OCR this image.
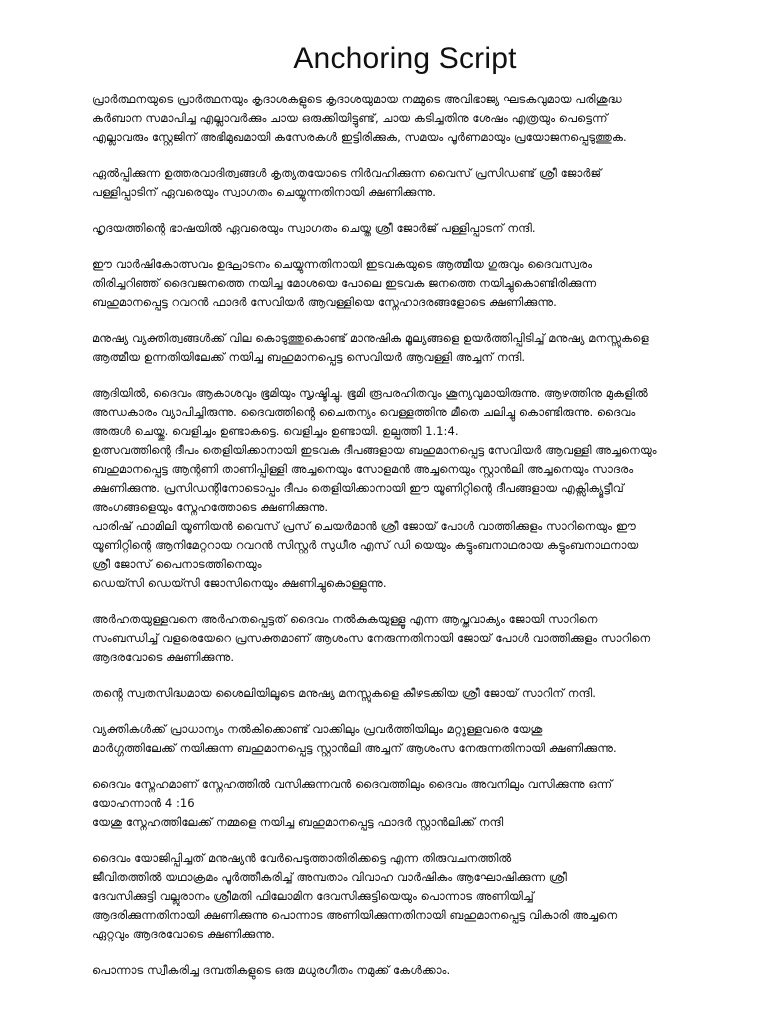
Anchoring Script
പ്രാർത്ഥനയുടെ പ്രാർത്ഥനയും കൃദാശകളുടെ കൃദാശയുമായ നമ്മുടെ അവിഭാജ്യ ഘടകവുമായ പരിശുദ്ധ
കർബാന സമാപിച്ച എല്ലാവർക്കും ചായ ഒരുക്കിയിട്ടുണ്ട്, ചായ കടിച്ചതിനു ശേഷം എത്രയും പെട്ടെന്ന്
എല്ലാവരും സ്റ്റേജിന് അഭിമുഖമായി കസേരകൾ ഇട്ടിരിക്കുക, സമയം പൂർണമായും പ്രയോജനപ്പെടുത്തുക.
ഏൽപ്പിക്കുന്ന ഉത്തരവാദിത്വങ്ങൾ കൃത്യതയോടെ നിർവഹിക്കുന്ന വൈസ് പ്രസിഡണ്ട് ശ്രീ ജോർജ്
പള്ളിപ്പാടിന് ഏവരെയും സ്വാഗതം ചെയ്യുന്നതിനായി ക്ഷണിക്കുന്നു.
ഹൃദയത്തിന്റെ ഭാഷയിൽ ഏവരെയും സ്വാഗതം ചെയ്ത ശ്രീ ജോർജ് പള്ളിപ്പാടന് നന്ദി.
ഈ വാർഷികോത്സവം ഉദ്ഘാടനം ചെയ്യുന്നതിനായി ഇടവകയുടെ ആത്മീയ ഗുരുവും ദൈവസ്വരം
തിരിച്ചറിഞ്ഞ് ദൈവജനത്തെ നയിച്ച മോശയെ പോലെ ഇടവക ജനത്തെ നയിച്ചുകൊണ്ടിരിക്കുന്ന
ബഹുമാനപ്പെട്ട റവറൻ ഫാദർ സേവിയർ ആവള്ളിയെ സ്നേഹാദരങ്ങളോടെ ക്ഷണിക്കുന്നു.
മനുഷ്യ വ്യക്തിത്വങ്ങൾക്ക് വില കൊടുത്തുകൊണ്ട് മാനുഷിക മൂല്യങ്ങളെ ഉയർത്തിപ്പിടിച്ച് മനുഷ്യ മനസ്സുകളെ
ആത്മീയ ഉന്നതിയിലേക്ക് നയിച്ച ബഹുമാനപ്പെട്ട സെവിയർ ആവള്ളി അച്ചന് നന്ദി.
ആദിയിൽ, ദൈവം ആകാശവും ഭൂമിയും സൃഷ്ടിച്ചു. ഭൂമി രൂപരഹിതവും ശൂന്യവുമായിരുന്നു. ആഴത്തിനു മുകളിൽ
അന്ധകാരം വ്യാപിച്ചിരുന്നു. ദൈവത്തിൻ്റെ ചൈതന്യം വെള്ളത്തിനു മീതെ ചലിച്ചു കൊണ്ടിരുന്നു. ദൈവം
അരുൾ ചെയ്തു. വെളിച്ചം ഉണ്ടാകട്ടെ. വെളിച്ചം ഉണ്ടായി. ഉല്പത്തി 1.1:4.
ഉത്സവത്തിന്റെ ദീപം തെളിയിക്കാനായി ഇടവക ദീപങ്ങളായ ബഹുമാനപ്പെട്ട സേവിയർ ആവള്ളി അച്ചനെയും
ബഹുമാനപ്പെട്ട ആന്റണി താണിപ്പിള്ളി അച്ചനെയും സോളമൻ അച്ചനെയും സ്റ്റാൻലി അച്ചനെയും സാദരം
ക്ഷണിക്കുന്നു. പ്രസിഡന്റിനോടൊപ്പം ദീപം തെളിയിക്കാനായി ഈ യൂണിറ്റിന്റെ ദീപങ്ങളായ എക്സിക്യൂട്ടീവ്
അംഗങ്ങളെയും സ്നേഹത്തോടെ ക്ഷണിക്കുന്നു.
പാരിഷ് ഫാമിലി യൂണിയൻ വൈസ് പ്രസ് ചെയർമാൻ ശ്രീ ജോയ് പോൾ വാത്തിക്കുളം സാറിനെയും ഈ
യൂണിറ്റിന്റെ ആനിമേറ്ററായ റവറൻ സിസ്റ്റർ സുധീര എസ് ഡി യെയും കട്ടുംബനാഥരായ കട്ടുംബനാഥനായ
ശ്രീ ജോസ് പൈനാടത്തിനെയും
ഡെയ്സി ഡെയ്സി ജോസിനെയും ക്ഷണിച്ചുകൊള്ളുന്നു.
അർഹതയുള്ളവനെ അർഹതപ്പെട്ടത് ദൈവം നൽകുകയുള്ളൂ എന്ന ആപ്തവാക്യം ജോയി സാറിനെ
സംബന്ധിച്ച് വളരെയേറെ പ്രസക്തമാണ് ആശംസ നേരുന്നതിനായി ജോയ് പോൾ വാത്തിക്കുളം സാറിനെ
ആദരവോടെ ക്ഷണിക്കുന്നു.
തൻ്റെ സ്വതസിദ്ധമായ ശൈലിയിലൂടെ മനുഷ്യ മനസ്സുകളെ കീഴടക്കിയ ശ്രീ ജോയ് സാറിന് നന്ദി.
വ്യക്തികൾക്ക് പ്രാധാന്യം നൽകിക്കൊണ്ട് വാക്കിലും പ്രവർത്തിയിലും മറ്റുള്ളവരെ യേശു
മാർഗ്ഗത്തിലേക്ക് നയിക്കുന്ന ബഹുമാനപ്പെട്ട സ്റ്റാൻലി അച്ചന് ആശംസ നേരുന്നതിനായി ക്ഷണിക്കുന്നു.
ദൈവം സ്നേഹമാണ് സ്നേഹത്തിൽ വസിക്കുന്നവൻ ദൈവത്തിലും ദൈവം അവനിലും വസിക്കുന്നു ഒന്ന്
യോഹന്നാൻ 4 :16
യേശു സ്നേഹത്തിലേക്ക് നമ്മളെ നയിച്ച ബഹുമാനപ്പെട്ട ഫാദർ സ്റ്റാൻലിക്ക് നന്ദി
ദൈവം യോജിപ്പിച്ചത് മനുഷ്യൻ വേർപെടുത്താതിരിക്കട്ടെ എന്ന തിരുവചനത്തിൽ
ജീവിതത്തിൽ യഥാക്രമം പൂർത്തീകരിച്ച് അമ്പതാം വിവാഹ വാർഷികം ആഘോഷിക്കുന്ന ശ്രീ
ദേവസിക്കുട്ടി വല്ലൂരാനം ശ്രീമതി ഫിലോമിന ദേവസിക്കുട്ടിയെയും പൊന്നാട അണിയിച്ച്
ആദരിക്കുന്നതിനായി ക്ഷണിക്കുന്നു പൊന്നാട അണിയിക്കുന്നതിനായി ബഹുമാനപ്പെട്ട വികാരി അച്ചനെ
ഏറ്റവും ആദരവോടെ ക്ഷണിക്കുന്നു.
പൊന്നാട സ്വീകരിച്ച ദമ്പതികളുടെ ഒരു മധുരഗീതം നമുക്ക് കേൾക്കാം.
